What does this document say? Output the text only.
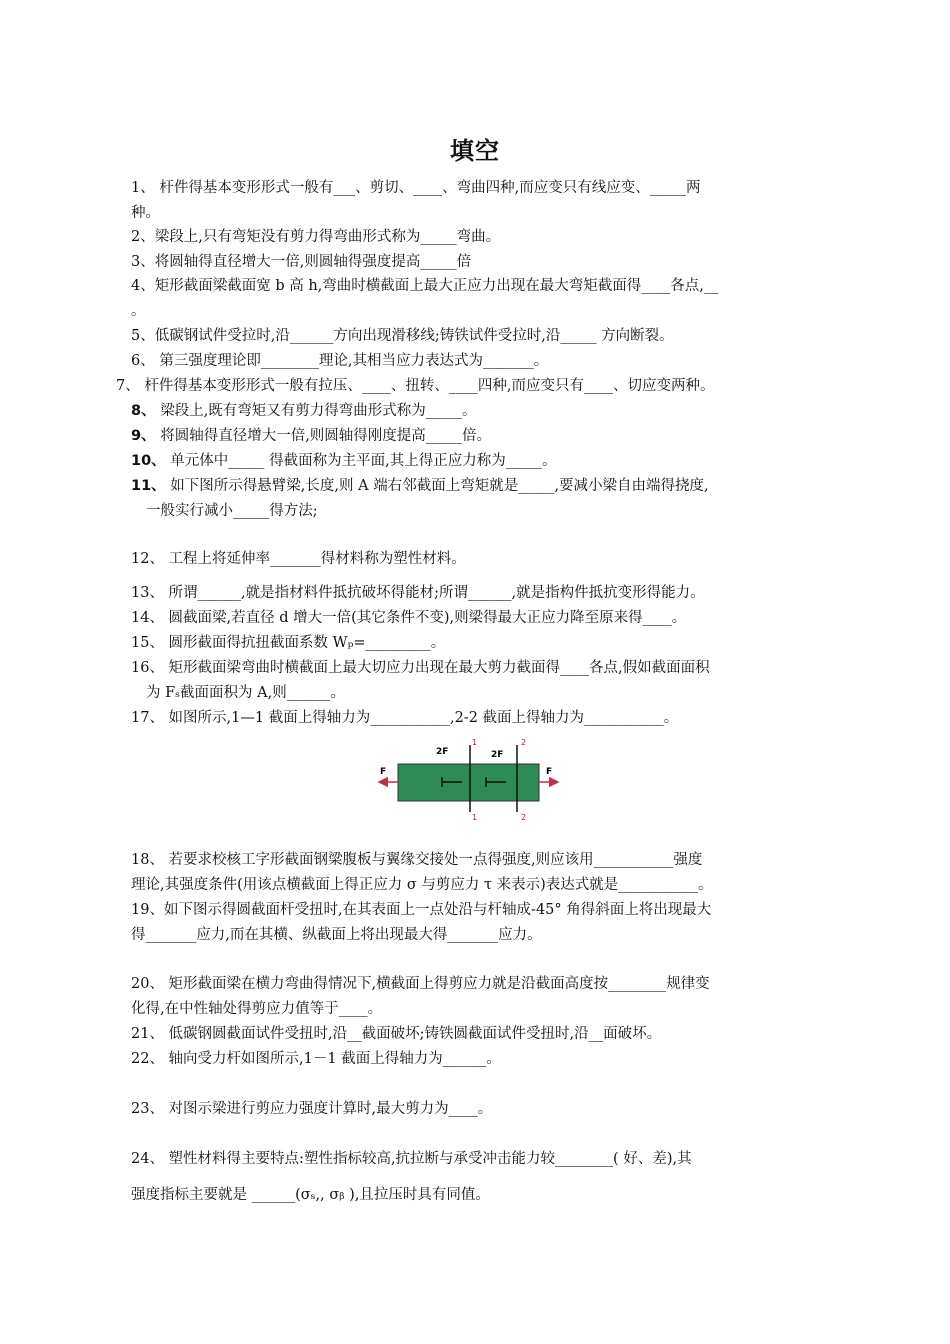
填空
1、 杆件得基本变形形式一般有___、剪切、____、弯曲四种,而应变只有线应变、_____两
种。
2、梁段上,只有弯矩没有剪力得弯曲形式称为_____弯曲。
3、将圆轴得直径增大一倍,则圆轴得强度提高_____倍
4、矩形截面梁截面宽 b 高 h,弯曲时横截面上最大正应力出现在最大弯矩截面得____各点,__
。
5、低碳钢试件受拉时,沿______方向出现滑移线;铸铁试件受拉时,沿_____ 方向断裂。
6、 第三强度理论即________理论,其相当应力表达式为_______。
7、 杆件得基本变形形式一般有拉压、____、扭转、____四种,而应变只有____、切应变两种。
8、 梁段上,既有弯矩又有剪力得弯曲形式称为_____。
9、 将圆轴得直径增大一倍,则圆轴得刚度提高_____倍。
10、 单元体中_____ 得截面称为主平面,其上得正应力称为_____。
11、 如下图所示得悬臂梁,长度,则 A 端右邻截面上弯矩就是_____,要减小梁自由端得挠度,
一般实行减小_____得方法;
12、 工程上将延伸率_______得材料称为塑性材料。
13、 所谓______,就是指材料件抵抗破坏得能材;所谓______,就是指构件抵抗变形得能力。
14、 圆截面梁,若直径 d 增大一倍(其它条件不变),则梁得最大正应力降至原来得____。
15、 圆形截面得抗扭截面系数 Wₚ=_________。
16、 矩形截面梁弯曲时横截面上最大切应力出现在最大剪力截面得____各点,假如截面面积
为 Fₛ截面面积为 A,则______。
17、 如图所示,1—1 截面上得轴力为___________,2-2 截面上得轴力为___________。
F	F
2F	2F
1
1
2
2
18、 若要求校核工字形截面钢梁腹板与翼缘交接处一点得强度,则应该用___________强度
理论,其强度条件(用该点横截面上得正应力 σ 与剪应力 τ 来表示)表达式就是___________。
19、如下图示得圆截面杆受扭时,在其表面上一点处沿与杆轴成-45° 角得斜面上将出现最大
得_______应力,而在其横、纵截面上将出现最大得_______应力。
20、 矩形截面梁在横力弯曲得情况下,横截面上得剪应力就是沿截面高度按________规律变
化得,在中性轴处得剪应力值等于____。
21、 低碳钢圆截面试件受扭时,沿__截面破坏;铸铁圆截面试件受扭时,沿__面破坏。
22、 轴向受力杆如图所示,1－1 截面上得轴力为______。
23、 对图示梁进行剪应力强度计算时,最大剪力为____。
24、 塑性材料得主要特点:塑性指标较高,抗拉断与承受冲击能力较________( 好、差),其
强度指标主要就是 ______(σₛ,, σᵦ ),且拉压时具有同值。
